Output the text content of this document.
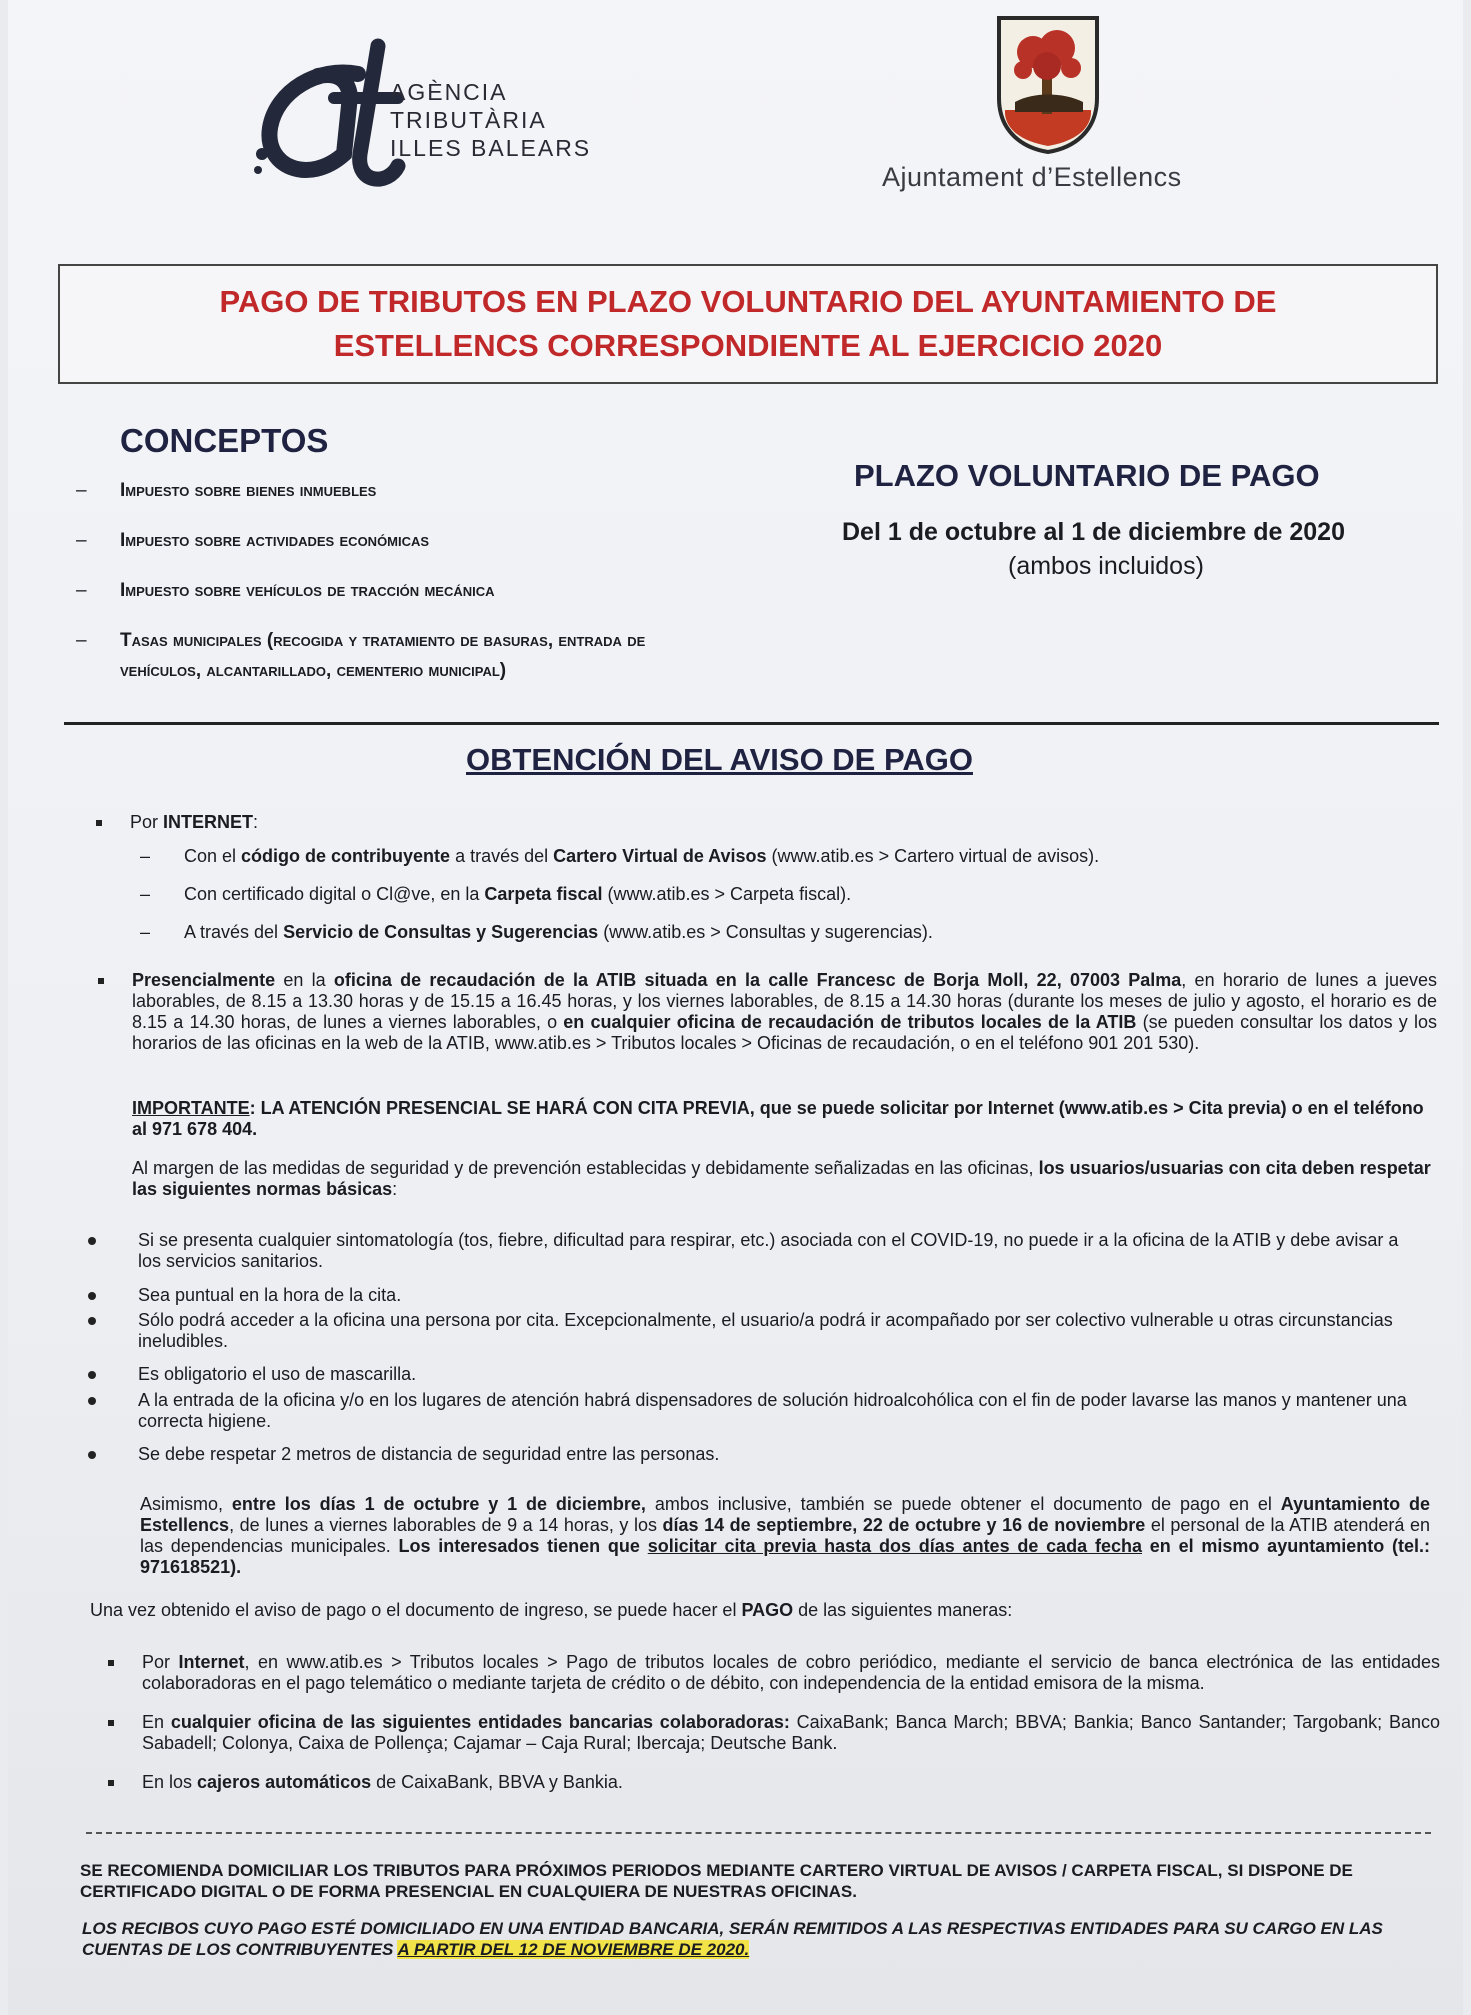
AGÈNCIA
TRIBUTÀRIA
ILLES BALEARS
Ajuntament d’Estellencs
PAGO DE TRIBUTOS EN PLAZO VOLUNTARIO DEL AYUNTAMIENTO DE
ESTELLENCS CORRESPONDIENTE AL EJERCICIO 2020
CONCEPTOS
– Impuesto sobre bienes inmuebles
– Impuesto sobre actividades económicas
– Impuesto sobre vehículos de tracción mecánica
– Tasas municipales (recogida y tratamiento de basuras, entrada de vehículos, alcantarillado, cementerio municipal)
PLAZO VOLUNTARIO DE PAGO
Del 1 de octubre al 1 de diciembre de 2020
(ambos incluidos)
OBTENCIÓN DEL AVISO DE PAGO
Por INTERNET:
– Con el código de contribuyente a través del Cartero Virtual de Avisos (www.atib.es > Cartero virtual de avisos).
– Con certificado digital o Cl@ve, en la Carpeta fiscal (www.atib.es > Carpeta fiscal).
– A través del Servicio de Consultas y Sugerencias (www.atib.es > Consultas y sugerencias).
Presencialmente en la oficina de recaudación de la ATIB situada en la calle Francesc de Borja Moll, 22, 07003 Palma, en horario de lunes a jueves laborables, de 8.15 a 13.30 horas y de 15.15 a 16.45 horas, y los viernes laborables, de 8.15 a 14.30 horas (durante los meses de julio y agosto, el horario es de 8.15 a 14.30 horas, de lunes a viernes laborables, o en cualquier oficina de recaudación de tributos locales de la ATIB (se pueden consultar los datos y los horarios de las oficinas en la web de la ATIB, www.atib.es > Tributos locales > Oficinas de recaudación, o en el teléfono 901 201 530).
IMPORTANTE: LA ATENCIÓN PRESENCIAL SE HARÁ CON CITA PREVIA, que se puede solicitar por Internet (www.atib.es > Cita previa) o en el teléfono al 971 678 404.
Al margen de las medidas de seguridad y de prevención establecidas y debidamente señalizadas en las oficinas, los usuarios/usuarias con cita deben respetar las siguientes normas básicas:
Si se presenta cualquier sintomatología (tos, fiebre, dificultad para respirar, etc.) asociada con el COVID-19, no puede ir a la oficina de la ATIB y debe avisar a los servicios sanitarios.
Sea puntual en la hora de la cita.
Sólo podrá acceder a la oficina una persona por cita. Excepcionalmente, el usuario/a podrá ir acompañado por ser colectivo vulnerable u otras circunstancias ineludibles.
Es obligatorio el uso de mascarilla.
A la entrada de la oficina y/o en los lugares de atención habrá dispensadores de solución hidroalcohólica con el fin de poder lavarse las manos y mantener una correcta higiene.
Se debe respetar 2 metros de distancia de seguridad entre las personas.
Asimismo, entre los días 1 de octubre y 1 de diciembre, ambos inclusive, también se puede obtener el documento de pago en el Ayuntamiento de Estellencs, de lunes a viernes laborables de 9 a 14 horas, y los días 14 de septiembre, 22 de octubre y 16 de noviembre el personal de la ATIB atenderá en las dependencias municipales. Los interesados tienen que solicitar cita previa hasta dos días antes de cada fecha en el mismo ayuntamiento (tel.: 971618521).
Una vez obtenido el aviso de pago o el documento de ingreso, se puede hacer el PAGO de las siguientes maneras:
Por Internet, en www.atib.es > Tributos locales > Pago de tributos locales de cobro periódico, mediante el servicio de banca electrónica de las entidades colaboradoras en el pago telemático o mediante tarjeta de crédito o de débito, con independencia de la entidad emisora de la misma.
En cualquier oficina de las siguientes entidades bancarias colaboradoras: CaixaBank; Banca March; BBVA; Bankia; Banco Santander; Targobank; Banco Sabadell; Colonya, Caixa de Pollença; Cajamar – Caja Rural; Ibercaja; Deutsche Bank.
En los cajeros automáticos de CaixaBank, BBVA y Bankia.
SE RECOMIENDA DOMICILIAR LOS TRIBUTOS PARA PRÓXIMOS PERIODOS MEDIANTE CARTERO VIRTUAL DE AVISOS / CARPETA FISCAL, SI DISPONE DE CERTIFICADO DIGITAL O DE FORMA PRESENCIAL EN CUALQUIERA DE NUESTRAS OFICINAS.
LOS RECIBOS CUYO PAGO ESTÉ DOMICILIADO EN UNA ENTIDAD BANCARIA, SERÁN REMITIDOS A LAS RESPECTIVAS ENTIDADES PARA SU CARGO EN LAS CUENTAS DE LOS CONTRIBUYENTES A PARTIR DEL 12 DE NOVIEMBRE DE 2020.
